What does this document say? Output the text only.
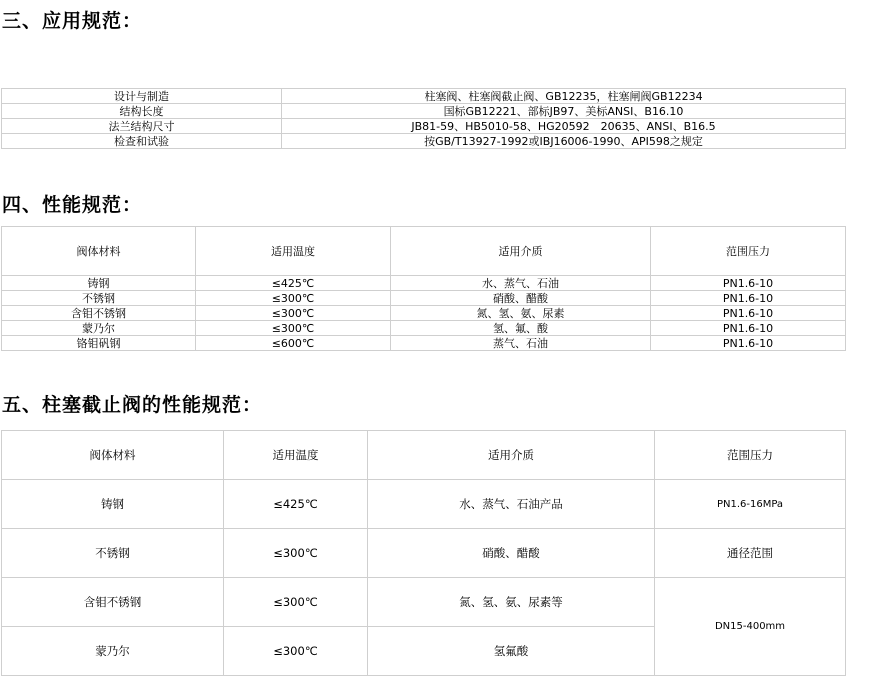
三、应用规范：
设计与制造	柱塞阀、柱塞阀截止阀、GB12235，柱塞闸阀GB12234
结构长度	国标GB12221、部标JB97、美标ANSI、B16.10
法兰结构尺寸	JB81-59、HB5010-58、HG20592　20635、ANSI、B16.5
检查和试验	按GB/T13927-1992或IBJ16006-1990、API598之规定
四、性能规范：
阀体材料	适用温度	适用介质	范围压力
铸钢	≤425℃	水、蒸气、石油	PN1.6-10
不锈钢	≤300℃	硝酸、醋酸	PN1.6-10
含钼不锈钢	≤300℃	氮、氢、氨、尿素	PN1.6-10
蒙乃尔	≤300℃	氢、氟、酸	PN1.6-10
铬钼矾钢	≤600℃	蒸气、石油	PN1.6-10
五、柱塞截止阀的性能规范：
阀体材料	适用温度	适用介质	范围压力
铸钢	≤425℃	水、蒸气、石油产品	PN1.6-16MPa
不锈钢	≤300℃	硝酸、醋酸	通径范围
含钼不锈钢	≤300℃	氮、氢、氨、尿素等	DN15-400mm
蒙乃尔	≤300℃	氢氟酸	
